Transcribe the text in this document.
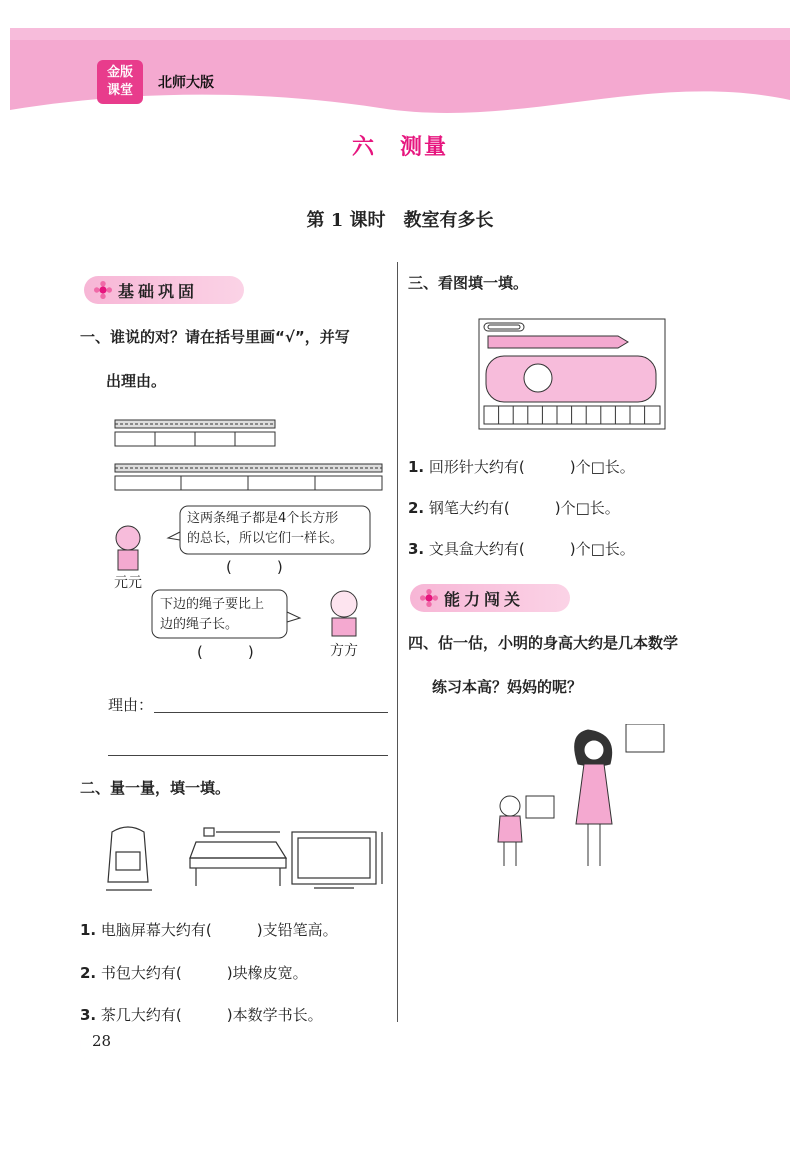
金版
课堂	北师大版
六　测量
第 1 课时　教室有多长
基础巩固
一、谁说的对？请在括号里画“√”，并写
出理由。
这两条绳子都是4个长方形
的总长，所以它们一样长。
元元
(　　　)
下边的绳子要比上
边的绳子长。
方方
(　　　)
理由：
二、量一量，填一填。
1. 电脑屏幕大约有(　　　)支铅笔高。
2. 书包大约有(　　　)块橡皮宽。
3. 茶几大约有(　　　)本数学书长。
28
三、看图填一填。
1. 回形针大约有(　　　)个□长。
2. 钢笔大约有(　　　)个□长。
3. 文具盒大约有(　　　)个□长。
能力闯关
四、估一估，小明的身高大约是几本数学
练习本高？妈妈的呢？
